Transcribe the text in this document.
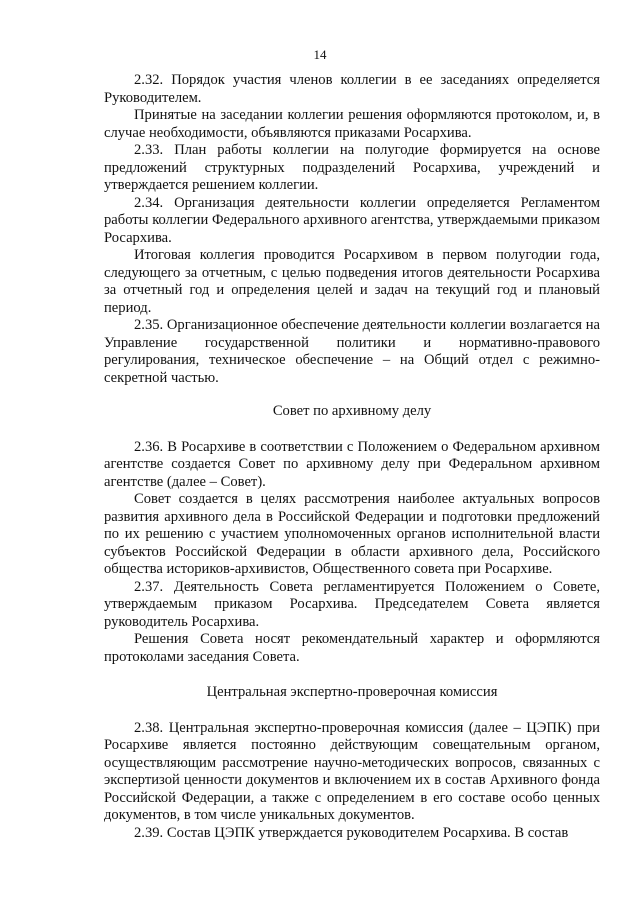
14

2.32. Порядок участия членов коллегии в ее заседаниях определяется Руководителем.

Принятые на заседании коллегии решения оформляются протоколом, и, в случае необходимости, объявляются приказами Росархива.

2.33. План работы коллегии на полугодие формируется на основе предложений структурных подразделений Росархива, учреждений и утверждается решением коллегии.

2.34. Организация деятельности коллегии определяется Регламентом работы коллегии Федерального архивного агентства, утверждаемыми приказом Росархива.

Итоговая коллегия проводится Росархивом в первом полугодии года, следующего за отчетным, с целью подведения итогов деятельности Росархива за отчетный год и определения целей и задач на текущий год и плановый период.

2.35. Организационное обеспечение деятельности коллегии возлагается на Управление государственной политики и нормативно-правового регулирования, техническое обеспечение – на Общий отдел с режимно-секретной частью.

Совет по архивному делу

2.36. В Росархиве в соответствии с Положением о Федеральном архивном агентстве создается Совет по архивному делу при Федеральном архивном агентстве (далее – Совет).

Совет создается в целях рассмотрения наиболее актуальных вопросов развития архивного дела в Российской Федерации и подготовки предложений по их решению с участием уполномоченных органов исполнительной власти субъектов Российской Федерации в области архивного дела, Российского общества историков-архивистов, Общественного совета при Росархиве.

2.37. Деятельность Совета регламентируется Положением о Совете, утверждаемым приказом Росархива. Председателем Совета является руководитель Росархива.

Решения Совета носят рекомендательный характер и оформляются протоколами заседания Совета.

Центральная экспертно-проверочная комиссия

2.38. Центральная экспертно-проверочная комиссия (далее – ЦЭПК) при Росархиве является постоянно действующим совещательным органом, осуществляющим рассмотрение научно-методических вопросов, связанных с экспертизой ценности документов и включением их в состав Архивного фонда Российской Федерации, а также с определением в его составе особо ценных документов, в том числе уникальных документов.

2.39. Состав ЦЭПК утверждается руководителем Росархива. В состав
